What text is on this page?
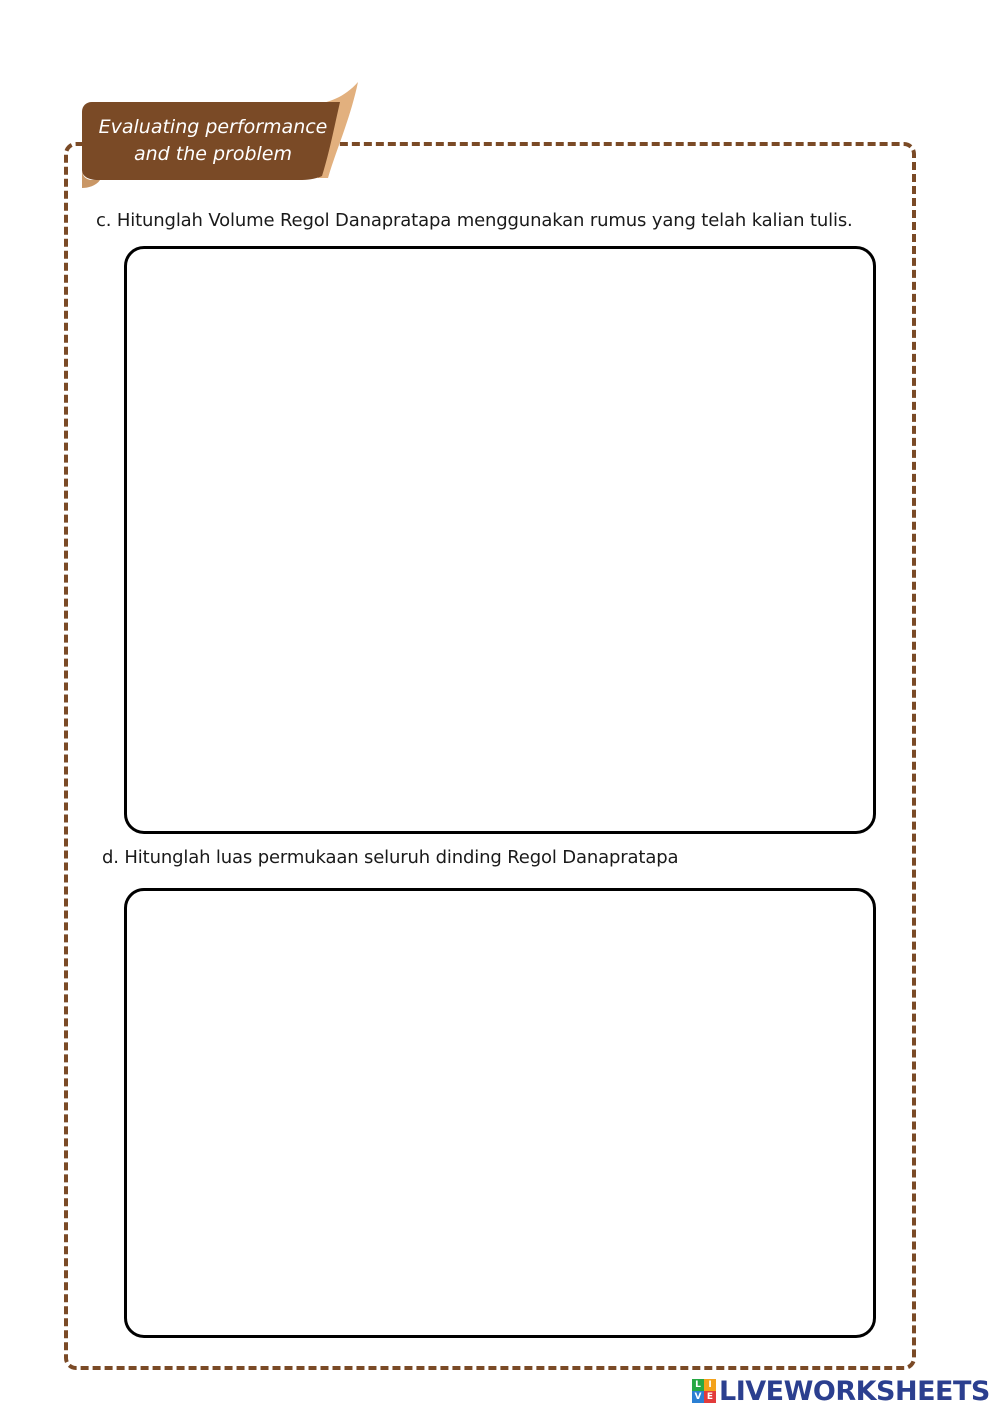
Evaluating performance
and the problem
c. Hitunglah Volume Regol Danapratapa menggunakan rumus yang telah kalian tulis.
d. Hitunglah luas permukaan seluruh dinding Regol Danapratapa
L I
V E LIVEWORKSHEETS
